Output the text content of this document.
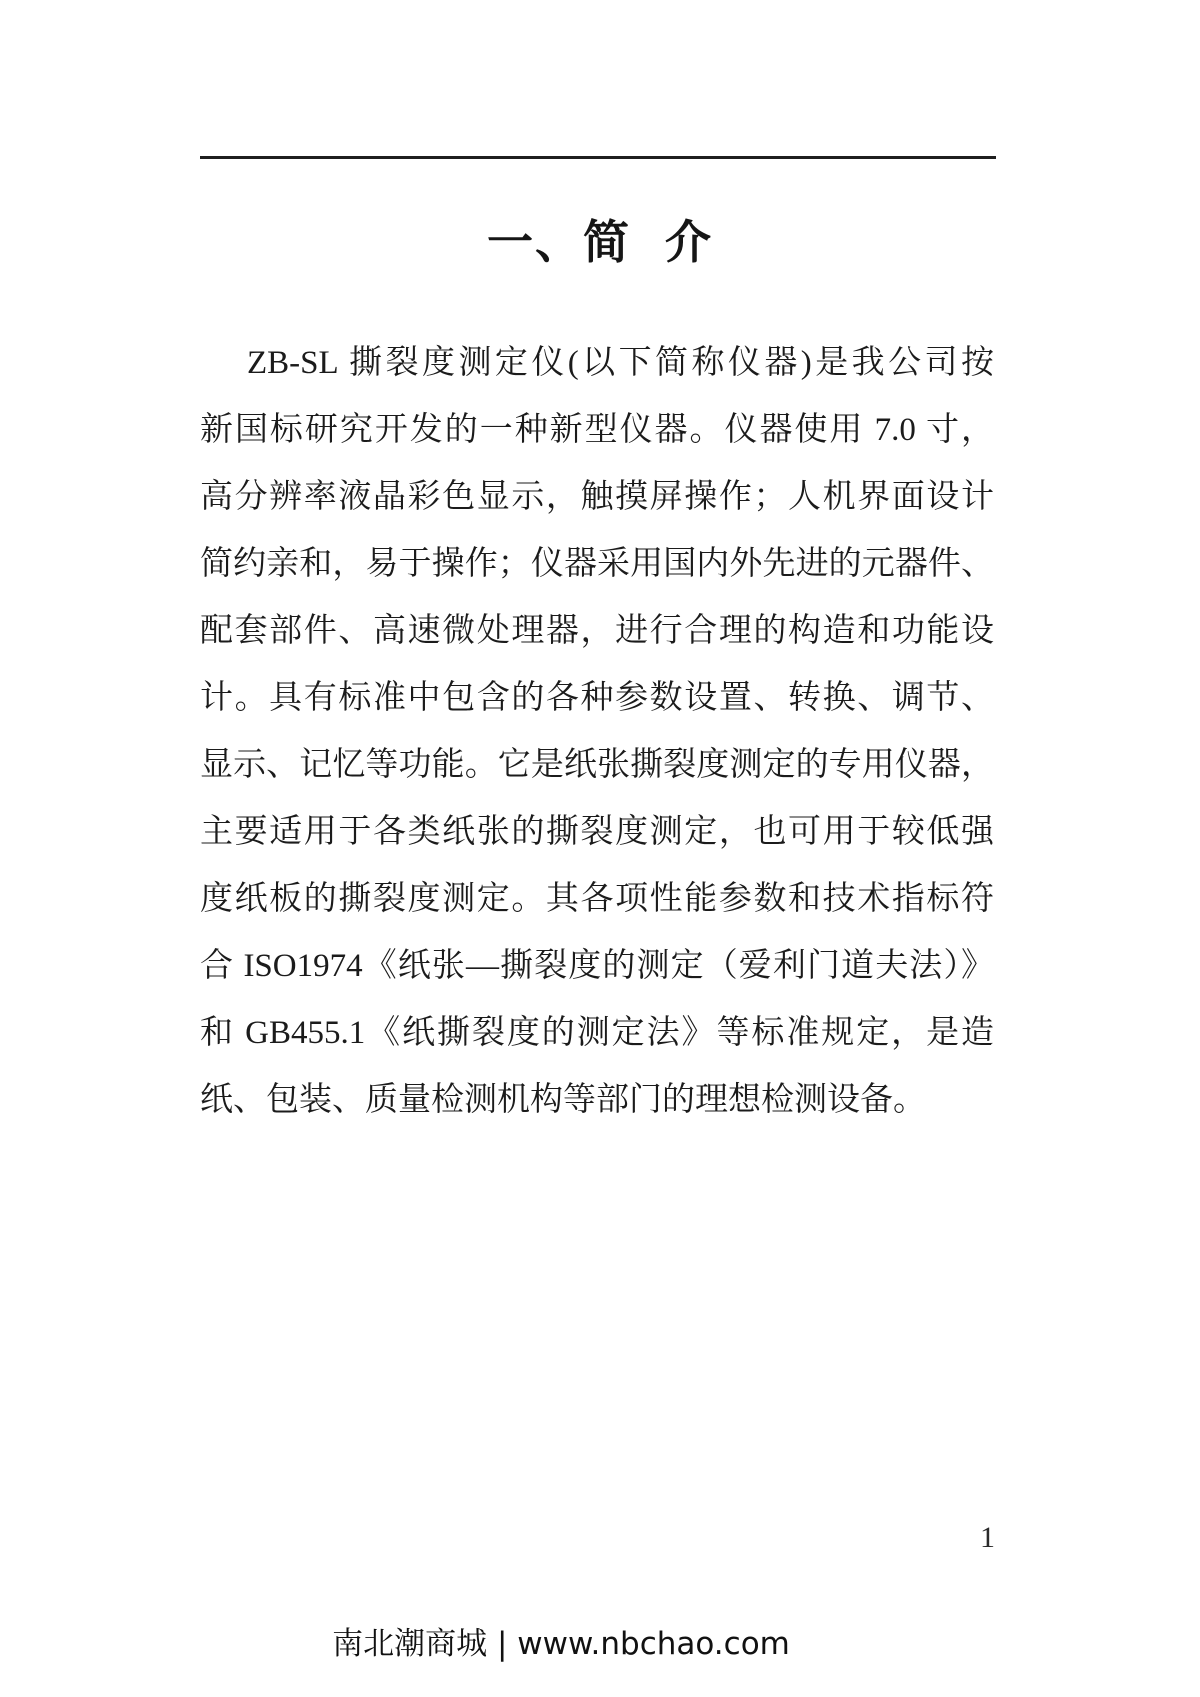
一、简 介
ZB-SL 撕裂度测定仪(以下简称仪器)是我公司按
新国标研究开发的一种新型仪器。仪器使用 7.0 寸，
高分辨率液晶彩色显示，触摸屏操作；人机界面设计
简约亲和，易于操作；仪器采用国内外先进的元器件、
配套部件、高速微处理器，进行合理的构造和功能设
计。具有标准中包含的各种参数设置、转换、调节、
显示、记忆等功能。它是纸张撕裂度测定的专用仪器，
主要适用于各类纸张的撕裂度测定，也可用于较低强
度纸板的撕裂度测定。其各项性能参数和技术指标符
合 ISO1974《纸张—撕裂度的测定（爱利门道夫法）》
和 GB455.1《纸撕裂度的测定法》等标准规定，是造
纸、包装、质量检测机构等部门的理想检测设备。
1
南北潮商城 | www.nbchao.com
